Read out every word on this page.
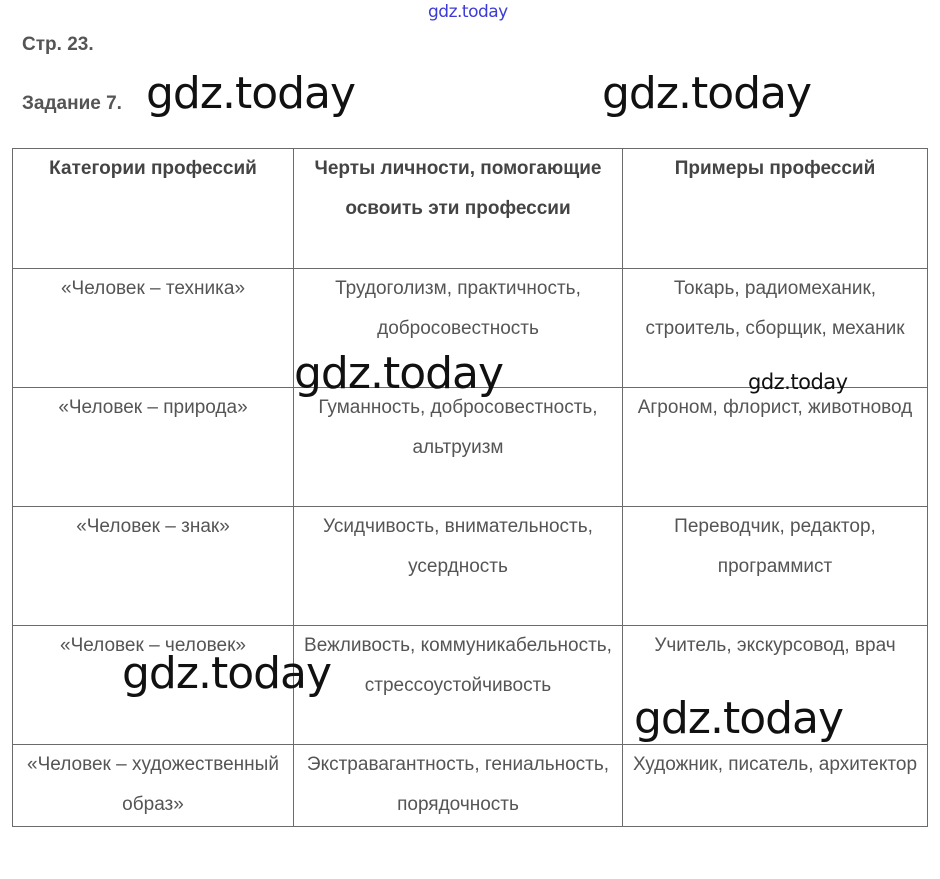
gdz.today
Стр. 23.
Задание 7.
Категории профессий	Черты личности, помогающие освоить эти профессии	Примеры профессий
«Человек – техника»	Трудоголизм, практичность, добросовестность	Токарь, радиомеханик, строитель, сборщик, механик
«Человек – природа»	Гуманность, добросовестность, альтруизм	Агроном, флорист, животновод
«Человек – знак»	Усидчивость, внимательность, усердность	Переводчик, редактор, программист
«Человек – человек»	Вежливость, коммуникабельность, стрессоустойчивость	Учитель, экскурсовод, врач
«Человек – художественный образ»	Экстравагантность, гениальность, порядочность	Художник, писатель, архитектор
gdz.today	gdz.today
gdz.today	gdz.today
gdz.today
gdz.today
